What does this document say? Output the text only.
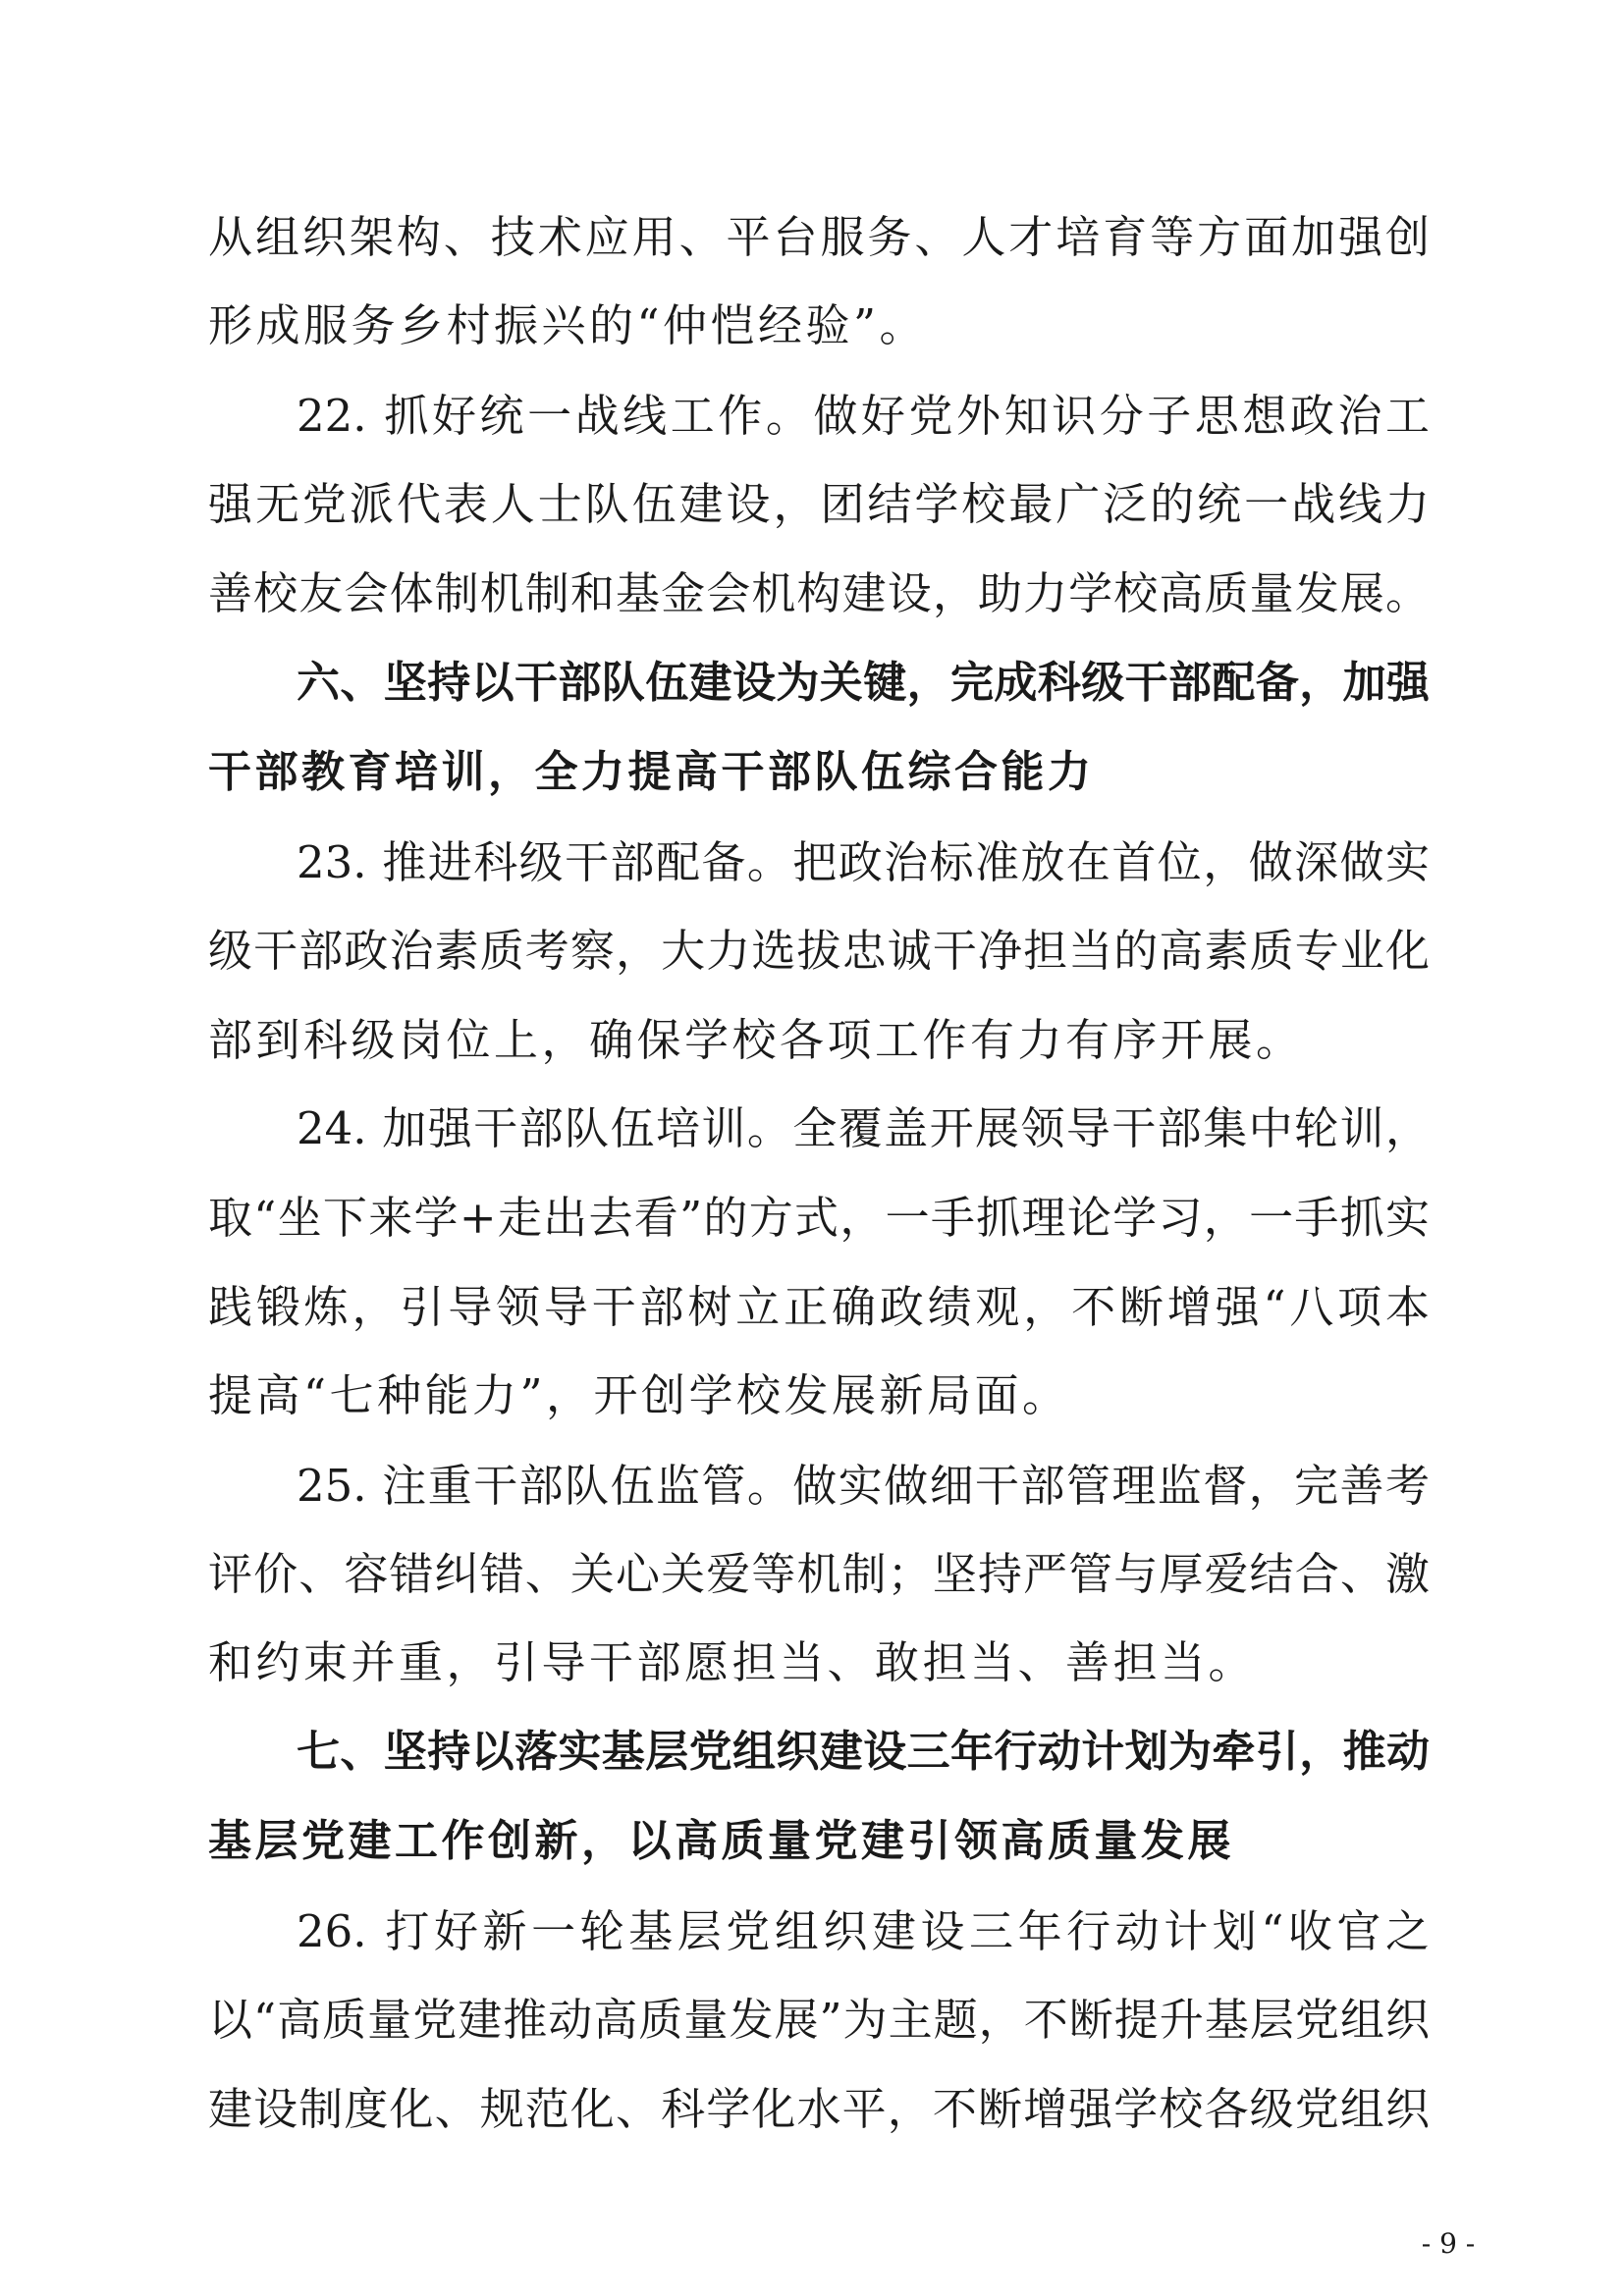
从组织架构、技术应用、平台服务、人才培育等方面加强创
形成服务乡村振兴的“仲恺经验”。
22. 抓好统一战线工作。做好党外知识分子思想政治工
强无党派代表人士队伍建设，团结学校最广泛的统一战线力
善校友会体制机制和基金会机构建设，助力学校高质量发展。
六、坚持以干部队伍建设为关键，完成科级干部配备，加强
干部教育培训，全力提高干部队伍综合能力
23. 推进科级干部配备。把政治标准放在首位，做深做实
级干部政治素质考察，大力选拔忠诚干净担当的高素质专业化
部到科级岗位上，确保学校各项工作有力有序开展。
24. 加强干部队伍培训。全覆盖开展领导干部集中轮训，
取“坐下来学+走出去看”的方式，一手抓理论学习，一手抓实
践锻炼，引导领导干部树立正确政绩观，不断增强“八项本
提高“七种能力”，开创学校发展新局面。
25. 注重干部队伍监管。做实做细干部管理监督，完善考
评价、容错纠错、关心关爱等机制；坚持严管与厚爱结合、激
和约束并重，引导干部愿担当、敢担当、善担当。
七、坚持以落实基层党组织建设三年行动计划为牵引，推动
基层党建工作创新，以高质量党建引领高质量发展
26. 打好新一轮基层党组织建设三年行动计划“收官之
以“高质量党建推动高质量发展”为主题，不断提升基层党组织
建设制度化、规范化、科学化水平，不断增强学校各级党组织
- 9 -
